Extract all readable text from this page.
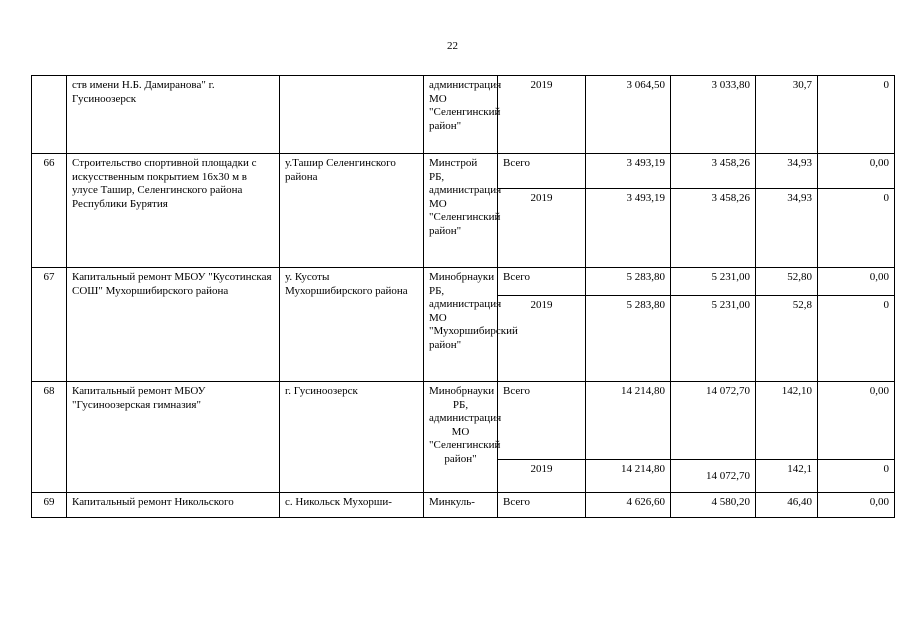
22
	ств имени Н.Б. Дамиранова" г. Гусиноозерск		администрация МО "Селенгинский район"	2019	3 064,50	3 033,80	30,7	0
66	Строительство спортивной площадки с искусственным покрытием 16x30 м в улусе Ташир, Селенгинского района Республики Бурятия	у.Ташир Селенгинского района	Минстрой РБ, администрация МО "Селенгинский район"	Всего	3 493,19	3 458,26	34,93	0,00
				2019	3 493,19	3 458,26	34,93	0
67	Капитальный ремонт МБОУ "Кусотинская СОШ" Мухоршибирского района	у. Кусоты Мухоршибирского района	Минобрнауки РБ, администрация МО "Мухоршибирский район"	Всего	5 283,80	5 231,00	52,80	0,00
				2019	5 283,80	5 231,00	52,8	0
68	Капитальный ремонт МБОУ "Гусиноозерская гимназия"	г. Гусиноозерск	Минобрнауки РБ, администрация МО "Селенгинский район"	Всего	14 214,80	14 072,70	142,10	0,00
				2019	14 214,80	14 072,70	142,1	0
69	Капитальный ремонт Никольского	с. Никольск Мухорши-	Минкуль-	Всего	4 626,60	4 580,20	46,40	0,00
